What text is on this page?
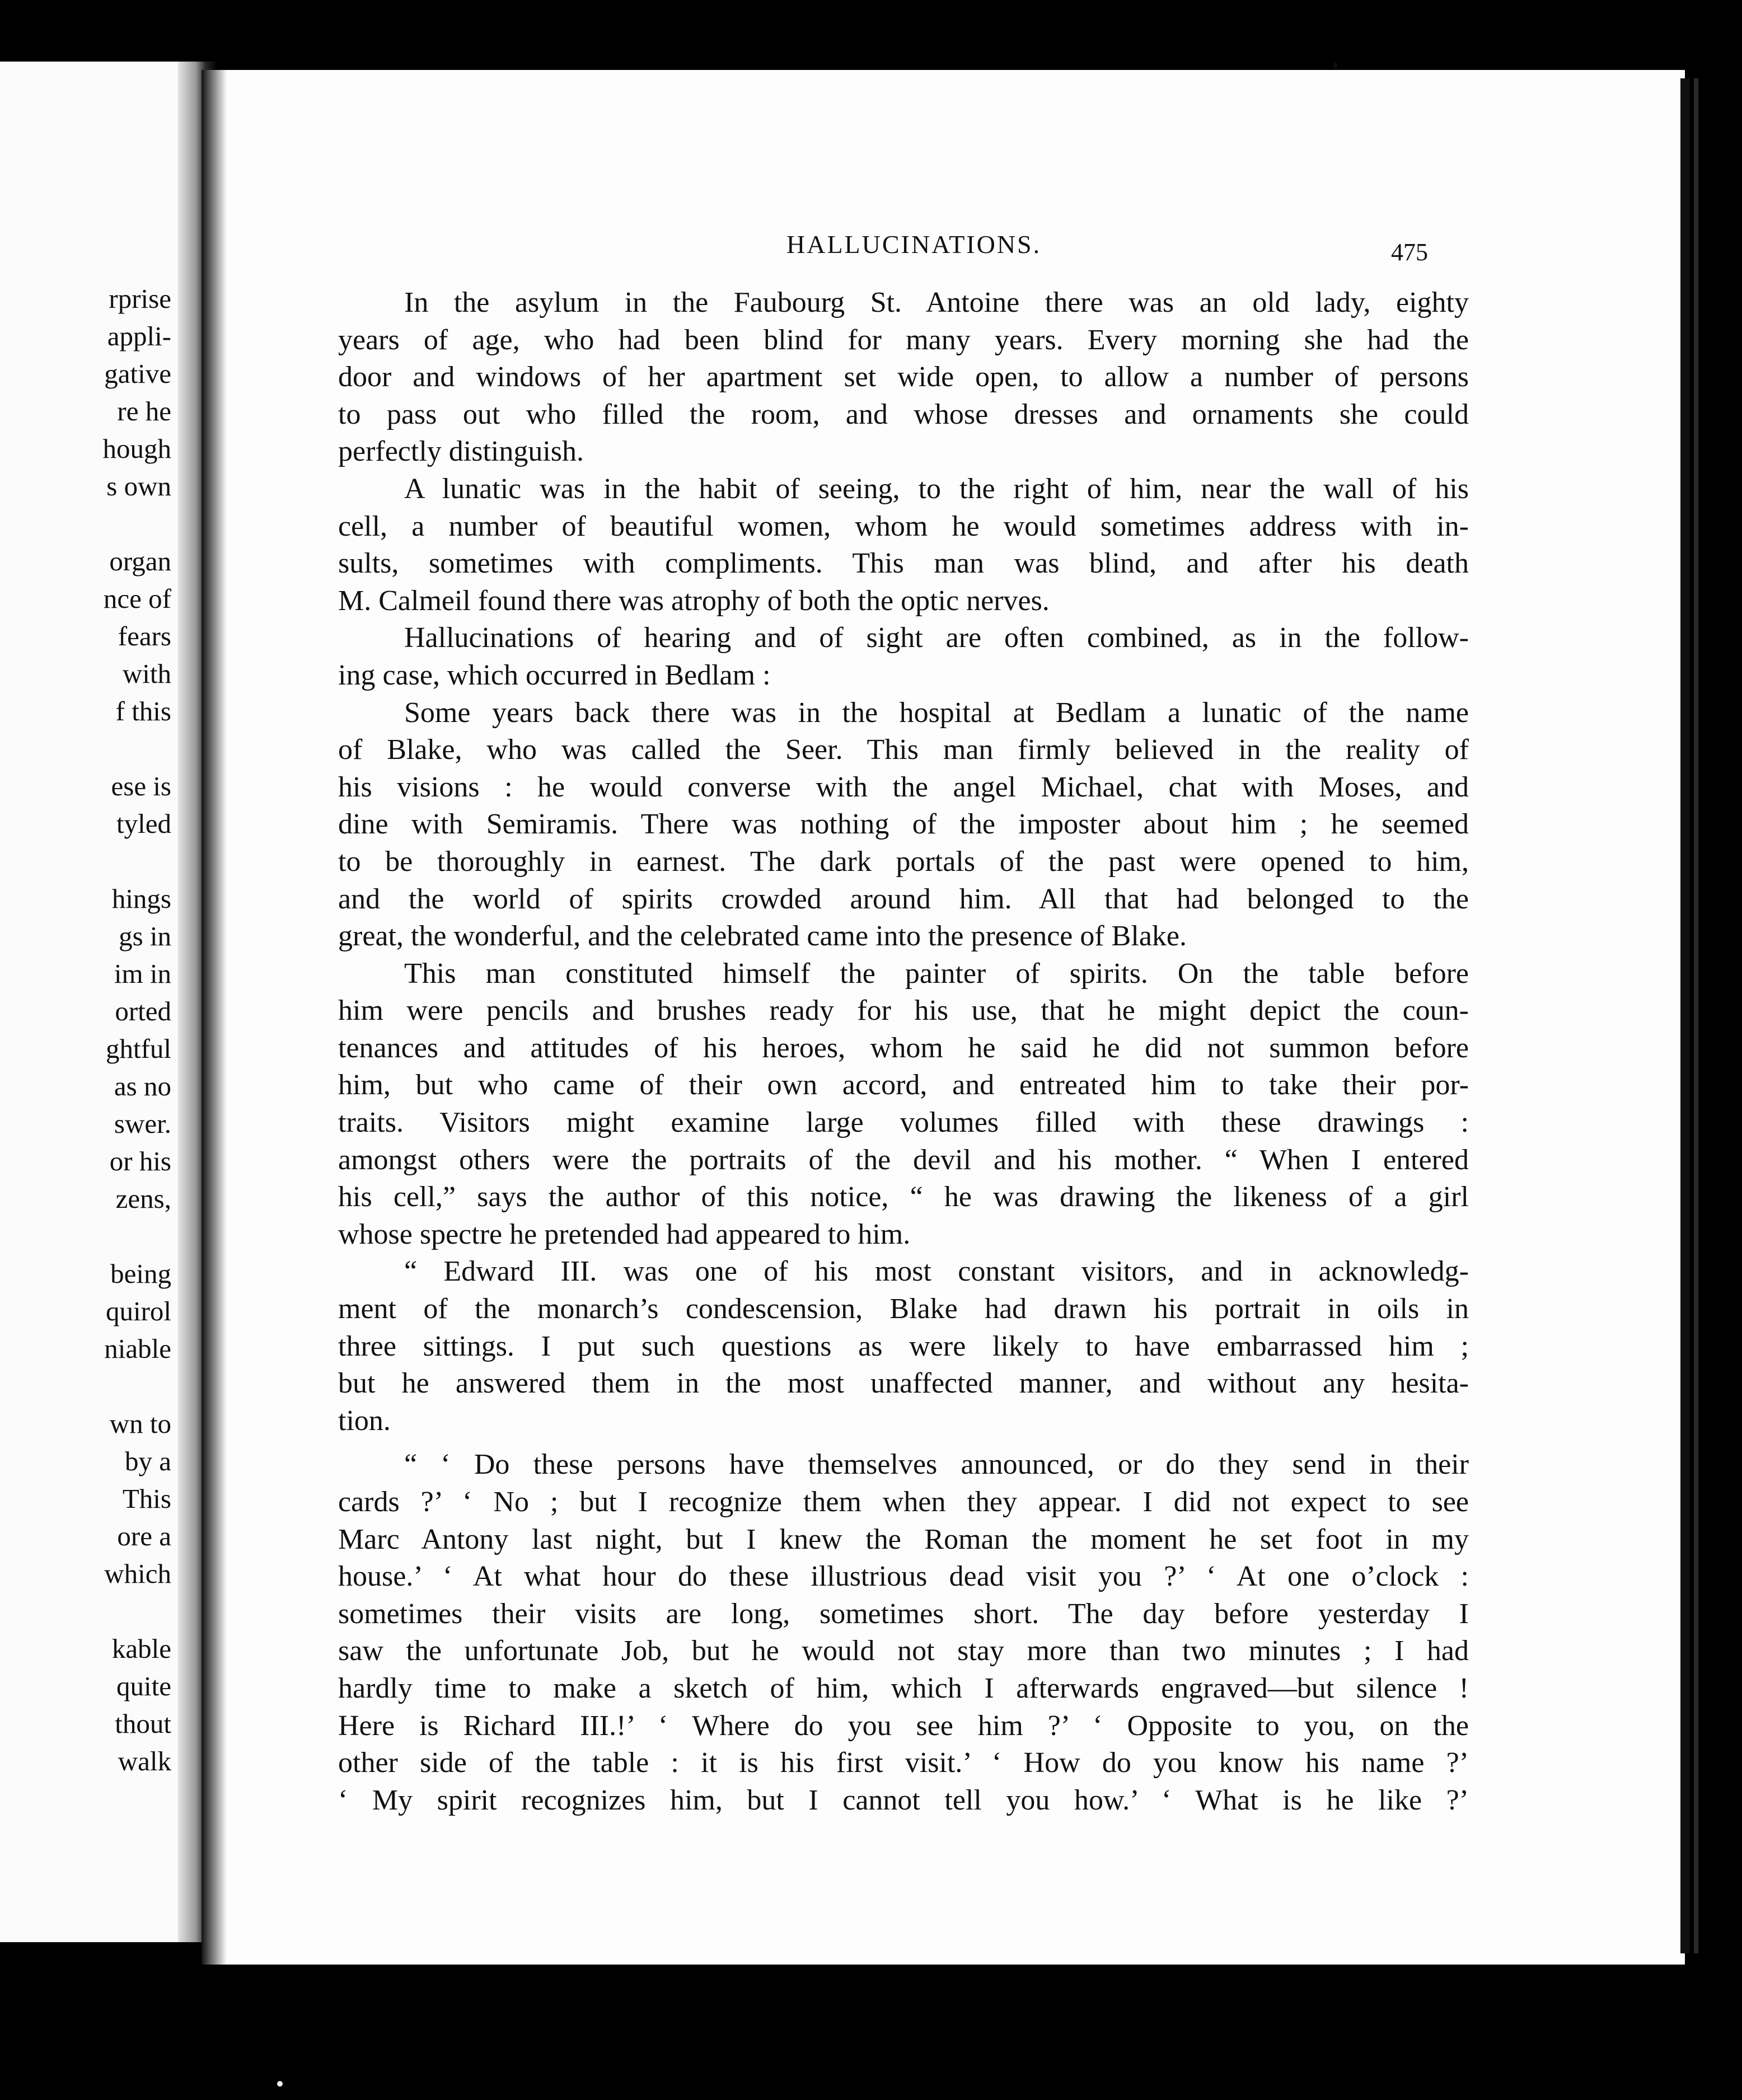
rprise
appli-
gative
re he
hough
s own
organ
nce of
fears
with
f this
ese is
tyled
hings
gs in
im in
orted
ghtful
as no
swer.
or his
zens,
being
quirol
niable
wn to
by a
This
ore a
which
kable
quite
thout
walk
HALLUCINATIONS.	475
In the asylum in the Faubourg St. Antoine there was an old lady, eighty
years of age, who had been blind for many years. Every morning she had the
door and windows of her apartment set wide open, to allow a number of persons
to pass out who filled the room, and whose dresses and ornaments she could
perfectly distinguish.
A lunatic was in the habit of seeing, to the right of him, near the wall of his
cell, a number of beautiful women, whom he would sometimes address with in-
sults, sometimes with compliments. This man was blind, and after his death
M. Calmeil found there was atrophy of both the optic nerves.
Hallucinations of hearing and of sight are often combined, as in the follow-
ing case, which occurred in Bedlam :
Some years back there was in the hospital at Bedlam a lunatic of the name
of Blake, who was called the Seer. This man firmly believed in the reality of
his visions : he would converse with the angel Michael, chat with Moses, and
dine with Semiramis. There was nothing of the imposter about him ; he seemed
to be thoroughly in earnest. The dark portals of the past were opened to him,
and the world of spirits crowded around him. All that had belonged to the
great, the wonderful, and the celebrated came into the presence of Blake.
This man constituted himself the painter of spirits. On the table before
him were pencils and brushes ready for his use, that he might depict the coun-
tenances and attitudes of his heroes, whom he said he did not summon before
him, but who came of their own accord, and entreated him to take their por-
traits. Visitors might examine large volumes filled with these drawings :
amongst others were the portraits of the devil and his mother. “ When I entered
his cell,” says the author of this notice, “ he was drawing the likeness of a girl
whose spectre he pretended had appeared to him.
“ Edward III. was one of his most constant visitors, and in acknowledg-
ment of the monarch’s condescension, Blake had drawn his portrait in oils in
three sittings. I put such questions as were likely to have embarrassed him ;
but he answered them in the most unaffected manner, and without any hesita-
tion.
“ ‘ Do these persons have themselves announced, or do they send in their
cards ?’ ‘ No ; but I recognize them when they appear. I did not expect to see
Marc Antony last night, but I knew the Roman the moment he set foot in my
house.’ ‘ At what hour do these illustrious dead visit you ?’ ‘ At one o’clock :
sometimes their visits are long, sometimes short. The day before yesterday I
saw the unfortunate Job, but he would not stay more than two minutes ; I had
hardly time to make a sketch of him, which I afterwards engraved—but silence !
Here is Richard III.!’ ‘ Where do you see him ?’ ‘ Opposite to you, on the
other side of the table : it is his first visit.’ ‘ How do you know his name ?’
‘ My spirit recognizes him, but I cannot tell you how.’ ‘ What is he like ?’
